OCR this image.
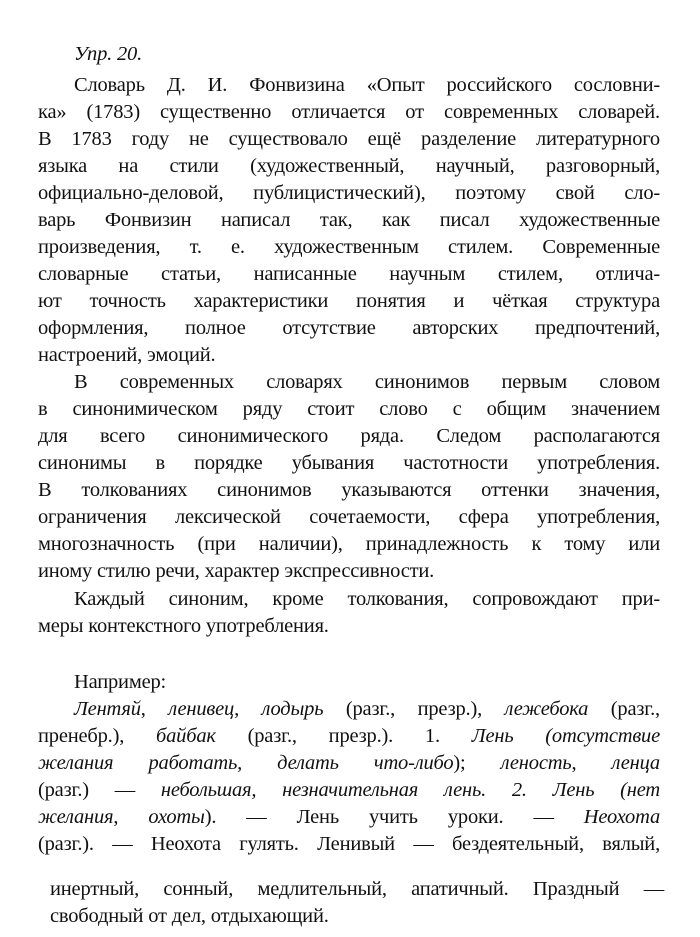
Упр. 20.
Словарь Д. И. Фонвизина «Опыт российского сословни-
ка» (1783) существенно отличается от современных словарей.
В 1783 году не существовало ещё разделение литературного
языка на стили (художественный, научный, разговорный,
официально-деловой, публицистический), поэтому свой сло-
варь Фонвизин написал так, как писал художественные
произведения, т. е. художественным стилем. Современные
словарные статьи, написанные научным стилем, отлича-
ют точность характеристики понятия и чёткая структура
оформления, полное отсутствие авторских предпочтений,
настроений, эмоций.
В современных словарях синонимов первым словом
в синонимическом ряду стоит слово с общим значением
для всего синонимического ряда. Следом располагаются
синонимы в порядке убывания частотности употребления.
В толкованиях синонимов указываются оттенки значения,
ограничения лексической сочетаемости, сфера употребления,
многозначность (при наличии), принадлежность к тому или
иному стилю речи, характер экспрессивности.
Каждый синоним, кроме толкования, сопровождают при-
меры контекстного употребления.
Например:
Лентяй, ленивец, лодырь (разг., презр.), лежебока (разг.,
пренебр.), байбак (разг., презр.). 1. Лень (отсутствие
желания работать, делать что-либо); леность, ленца
(разг.) — небольшая, незначительная лень. 2. Лень (нет
желания, охоты). — Лень учить уроки. — Неохота
(разг.). — Неохота гулять. Ленивый — бездеятельный, вялый,
инертный, сонный, медлительный, апатичный. Праздный —
свободный от дел, отдыхающий.
